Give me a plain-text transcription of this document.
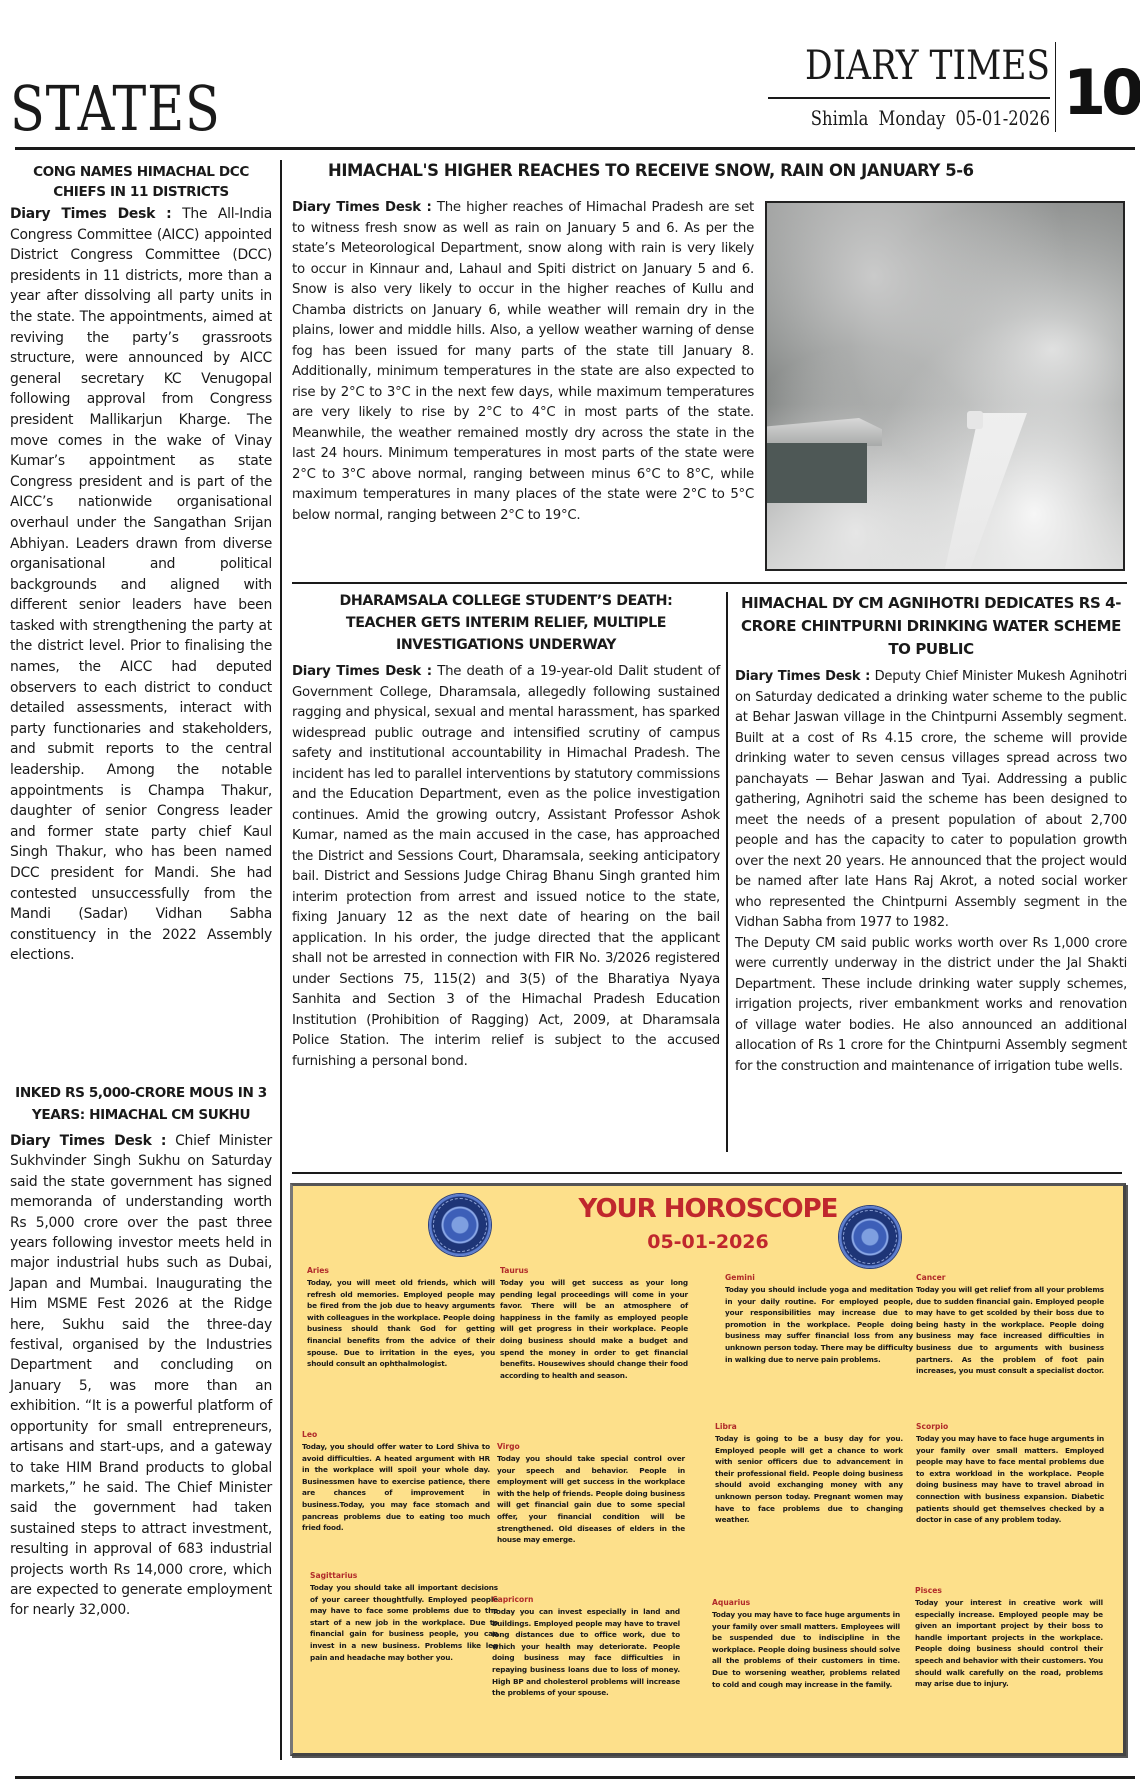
STATES
DIARY TIMES
Shimla Monday 05-01-2026 10
CONG NAMES HIMACHAL DCC CHIEFS IN 11 DISTRICTS

Diary Times Desk : The All-India Congress Committee (AICC) appointed District Congress Committee (DCC) presidents in 11 districts, more than a year after dissolving all party units in the state. The appointments, aimed at reviving the party’s grassroots structure, were announced by AICC general secretary KC Venugopal following approval from Congress president Mallikarjun Kharge. The move comes in the wake of Vinay Kumar’s appointment as state Congress president and is part of the AICC’s nationwide organisational overhaul under the Sangathan Srijan Abhiyan. Leaders drawn from diverse organisational and political backgrounds and aligned with different senior leaders have been tasked with strengthening the party at the district level. Prior to finalising the names, the AICC had deputed observers to each district to conduct detailed assessments, interact with party functionaries and stakeholders, and submit reports to the central leadership. Among the notable appointments is Champa Thakur, daughter of senior Congress leader and former state party chief Kaul Singh Thakur, who has been named DCC president for Mandi. She had contested unsuccessfully from the Mandi (Sadar) Vidhan Sabha constituency in the 2022 Assembly elections.

INKED RS 5,000-CRORE MOUS IN 3 YEARS: HIMACHAL CM SUKHU

Diary Times Desk : Chief Minister Sukhvinder Singh Sukhu on Saturday said the state government has signed memoranda of understanding worth Rs 5,000 crore over the past three years following investor meets held in major industrial hubs such as Dubai, Japan and Mumbai. Inaugurating the Him MSME Fest 2026 at the Ridge here, Sukhu said the three-day festival, organised by the Industries Department and concluding on January 5, was more than an exhibition. “It is a powerful platform of opportunity for small entrepreneurs, artisans and start-ups, and a gateway to take HIM Brand products to global markets,” he said. The Chief Minister said the government had taken sustained steps to attract investment, resulting in approval of 683 industrial projects worth Rs 14,000 crore, which are expected to generate employment for nearly 32,000.

HIMACHAL'S HIGHER REACHES TO RECEIVE SNOW, RAIN ON JANUARY 5-6

Diary Times Desk : The higher reaches of Himachal Pradesh are set to witness fresh snow as well as rain on January 5 and 6. As per the state’s Meteorological Department, snow along with rain is very likely to occur in Kinnaur and, Lahaul and Spiti district on January 5 and 6. Snow is also very likely to occur in the higher reaches of Kullu and Chamba districts on January 6, while weather will remain dry in the plains, lower and middle hills. Also, a yellow weather warning of dense fog has been issued for many parts of the state till January 8. Additionally, minimum temperatures in the state are also expected to rise by 2°C to 3°C in the next few days, while maximum temperatures are very likely to rise by 2°C to 4°C in most parts of the state. Meanwhile, the weather remained mostly dry across the state in the last 24 hours. Minimum temperatures in most parts of the state were 2°C to 3°C above normal, ranging between minus 6°C to 8°C, while maximum temperatures in many places of the state were 2°C to 5°C below normal, ranging between 2°C to 19°C.

DHARAMSALA COLLEGE STUDENT’S DEATH: TEACHER GETS INTERIM RELIEF, MULTIPLE INVESTIGATIONS UNDERWAY

Diary Times Desk : The death of a 19-year-old Dalit student of Government College, Dharamsala, allegedly following sustained ragging and physical, sexual and mental harassment, has sparked widespread public outrage and intensified scrutiny of campus safety and institutional accountability in Himachal Pradesh. The incident has led to parallel interventions by statutory commissions and the Education Department, even as the police investigation continues. Amid the growing outcry, Assistant Professor Ashok Kumar, named as the main accused in the case, has approached the District and Sessions Court, Dharamsala, seeking anticipatory bail. District and Sessions Judge Chirag Bhanu Singh granted him interim protection from arrest and issued notice to the state, fixing January 12 as the next date of hearing on the bail application. In his order, the judge directed that the applicant shall not be arrested in connection with FIR No. 3/2026 registered under Sections 75, 115(2) and 3(5) of the Bharatiya Nyaya Sanhita and Section 3 of the Himachal Pradesh Education Institution (Prohibition of Ragging) Act, 2009, at Dharamsala Police Station. The interim relief is subject to the accused furnishing a personal bond.

HIMACHAL DY CM AGNIHOTRI DEDICATES RS 4-CRORE CHINTPURNI DRINKING WATER SCHEME TO PUBLIC

Diary Times Desk : Deputy Chief Minister Mukesh Agnihotri on Saturday dedicated a drinking water scheme to the public at Behar Jaswan village in the Chintpurni Assembly segment. Built at a cost of Rs 4.15 crore, the scheme will provide drinking water to seven census villages spread across two panchayats — Behar Jaswan and Tyai. Addressing a public gathering, Agnihotri said the scheme has been designed to meet the needs of a present population of about 2,700 people and has the capacity to cater to population growth over the next 20 years. He announced that the project would be named after late Hans Raj Akrot, a noted social worker who represented the Chintpurni Assembly segment in the Vidhan Sabha from 1977 to 1982.
The Deputy CM said public works worth over Rs 1,000 crore were currently underway in the district under the Jal Shakti Department. These include drinking water supply schemes, irrigation projects, river embankment works and renovation of village water bodies. He also announced an additional allocation of Rs 1 crore for the Chintpurni Assembly segment for the construction and maintenance of irrigation tube wells.

YOUR HOROSCOPE
05-01-2026
Aries
Today, you will meet old friends, which will refresh old memories. Employed people may be fired from the job due to heavy arguments with colleagues in the workplace. People doing business should thank God for getting financial benefits from the advice of their spouse. Due to irritation in the eyes, you should consult an ophthalmologist.
Taurus
Today you will get success as your long pending legal proceedings will come in your favor. There will be an atmosphere of happiness in the family as employed people will get progress in their workplace. People doing business should make a budget and spend the money in order to get financial benefits. Housewives should change their food according to health and season.
Gemini
Today you should include yoga and meditation in your daily routine. For employed people, your responsibilities may increase due to promotion in the workplace. People doing business may suffer financial loss from any unknown person today. There may be difficulty in walking due to nerve pain problems.
Cancer
Today you will get relief from all your problems due to sudden financial gain. Employed people may have to get scolded by their boss due to being hasty in the workplace. People doing business may face increased difficulties in business due to arguments with business partners. As the problem of foot pain increases, you must consult a specialist doctor.
Leo
Today, you should offer water to Lord Shiva to avoid difficulties. A heated argument with HR in the workplace will spoil your whole day. Businessmen have to exercise patience, there are chances of improvement in business.Today, you may face stomach and pancreas problems due to eating too much fried food.
Virgo
Today you should take special control over your speech and behavior. People in employment will get success in the workplace with the help of friends. People doing business will get financial gain due to some special offer, your financial condition will be strengthened. Old diseases of elders in the house may emerge.
Libra
Today is going to be a busy day for you. Employed people will get a chance to work with senior officers due to advancement in their professional field. People doing business should avoid exchanging money with any unknown person today. Pregnant women may have to face problems due to changing weather.
Scorpio
Today you may have to face huge arguments in your family over small matters. Employed people may have to face mental problems due to extra workload in the workplace. People doing business may have to travel abroad in connection with business expansion. Diabetic patients should get themselves checked by a doctor in case of any problem today.
Sagittarius
Today you should take all important decisions of your career thoughtfully. Employed people may have to face some problems due to the start of a new job in the workplace. Due to financial gain for business people, you can invest in a new business. Problems like leg pain and headache may bother you.
Capricorn
Today you can invest especially in land and buildings. Employed people may have to travel long distances due to office work, due to which your health may deteriorate. People doing business may face difficulties in repaying business loans due to loss of money. High BP and cholesterol problems will increase the problems of your spouse.
Aquarius
Today you may have to face huge arguments in your family over small matters. Employees will be suspended due to indiscipline in the workplace. People doing business should solve all the problems of their customers in time. Due to worsening weather, problems related to cold and cough may increase in the family.
Pisces
Today your interest in creative work will especially increase. Employed people may be given an important project by their boss to handle important projects in the workplace. People doing business should control their speech and behavior with their customers. You should walk carefully on the road, problems may arise due to injury.
